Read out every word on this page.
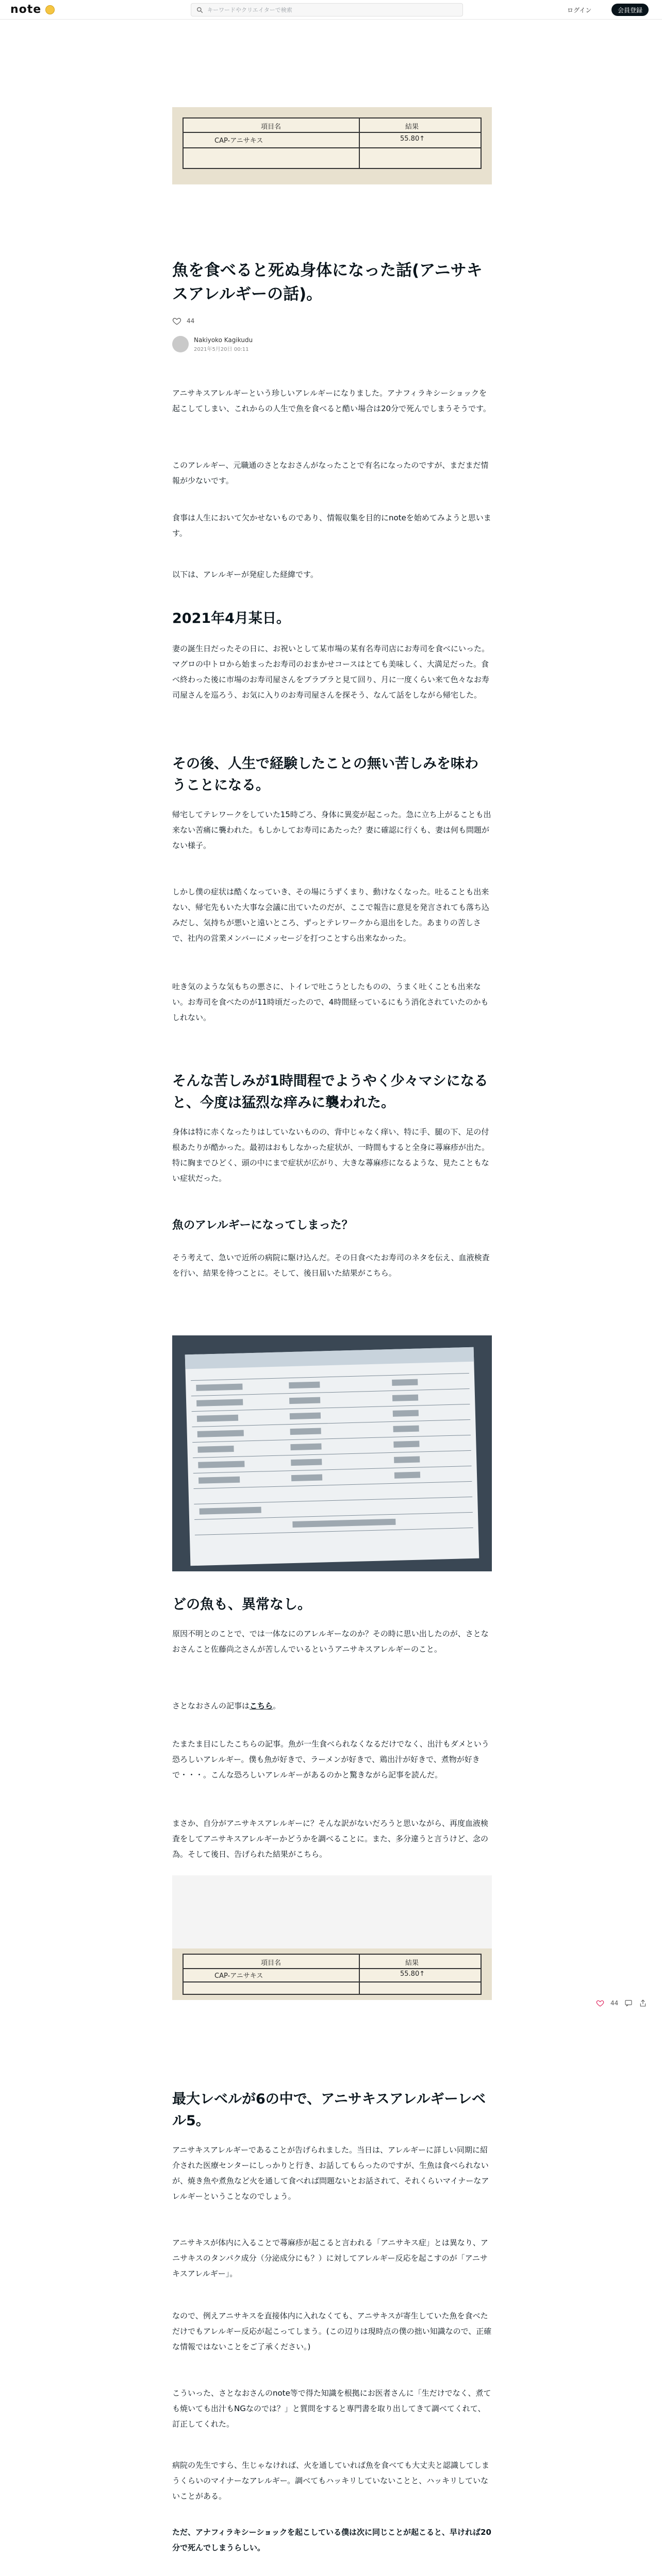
note	キーワードやクリエイターで検索	ログイン	会員登録
項目名	結果
CAP-アニサキス	55.80↑
魚を食べると死ぬ身体になった話(アニサキスアレルギーの話)。
44
Nakiyoko Kagikudu
2021年5月20日 00:11

アニサキスアレルギーという珍しいアレルギーになりました。アナフィラキシーショックを起こしてしまい、これからの人生で魚を食べると酷い場合は20分で死んでしまうそうです。

このアレルギー、元職通のさとなおさんがなったことで有名になったのですが、まだまだ情報が少ないです。

食事は人生において欠かせないものであり、情報収集を目的にnoteを始めてみようと思います。

以下は、アレルギーが発症した経緯です。

2021年4月某日。

妻の誕生日だったその日に、お祝いとして某市場の某有名寿司店にお寿司を食べにいった。マグロの中トロから始まったお寿司のおまかせコースはとても美味しく、大満足だった。食べ終わった後に市場のお寿司屋さんをブラブラと見て回り、月に一度くらい来て色々なお寿司屋さんを巡ろう、お気に入りのお寿司屋さんを探そう、なんて話をしながら帰宅した。

その後、人生で経験したことの無い苦しみを味わうことになる。

帰宅してテレワークをしていた15時ごろ、身体に異変が起こった。急に立ち上がることも出来ない苦痛に襲われた。もしかしてお寿司にあたった？妻に確認に行くも、妻は何も問題がない様子。

しかし僕の症状は酷くなっていき、その場にうずくまり、動けなくなった。吐ることも出来ない、帰宅先もいた大事な会議に出ていたのだが、ここで報告に意見を発言されても落ち込みだし、気持ちが悪いと遠いところ、ずっとテレワークから退出をした。あまりの苦しさで、社内の営業メンバーにメッセージを打つことすら出来なかった。

吐き気のような気もちの悪さに、トイレで吐こうとしたものの、うまく吐くことも出来ない。お寿司を食べたのが11時頃だったので、4時間経っているにもう消化されていたのかもしれない。

そんな苦しみが1時間程でようやく少々マシになると、今度は猛烈な痒みに襲われた。

身体は特に赤くなったりはしていないものの、背中じゃなく痒い、特に手、腿の下、足の付根あたりが酷かった。最初はおもしなかった症状が、一時間もすると全身に蕁麻疹が出た。特に胸までひどく、頭の中にまで症状が広がり、大きな蕁麻疹になるような、見たこともない症状だった。

魚のアレルギーになってしまった？

そう考えて、急いで近所の病院に駆け込んだ。その日食べたお寿司のネタを伝え、血液検査を行い、結果を待つことに。そして、後日届いた結果がこちら。

どの魚も、異常なし。

原因不明とのことで、では一体なにのアレルギーなのか？その時に思い出したのが、さとなおさんこと佐藤尚之さんが苦しんでいるというアニサキスアレルギーのこと。

さとなおさんの記事はこちら。

たまたま目にしたこちらの記事。魚が一生食べられなくなるだけでなく、出汁もダメという恐ろしいアレルギー。僕も魚が好きで、ラーメンが好きで、鶏出汁が好きで、煮物が好きで・・・。こんな恐ろしいアレルギーがあるのかと驚きながら記事を読んだ。

まさか、自分がアニサキスアレルギーに？そんな訳がないだろうと思いながら、再度血液検査をしてアニサキスアレルギーかどうかを調べることに。また、多分違うと言うけど、念の為。そして後日、告げられた結果がこちら。

項目名	結果
CAP-アニサキス	55.80↑
44
最大レベルが6の中で、アニサキスアレルギーレベル5。

アニサキスアレルギーであることが告げられました。当日は、アレルギーに詳しい同期に紹介された医療センターにしっかりと行き、お話してもらったのですが、生魚は食べられないが、焼き魚や煮魚など火を通して食べれば問題ないとお話されて、それくらいマイナーなアレルギーということなのでしょう。

アニサキスが体内に入ることで蕁麻疹が起こると言われる「アニサキス症」とは異なり、アニサキスのタンパク成分（分泌成分にも？）に対してアレルギー反応を起こすのが「アニサキスアレルギー」。

なので、例えアニサキスを直接体内に入れなくても、アニサキスが寄生していた魚を食べただけでもアレルギー反応が起こってしまう。(この辺りは現時点の僕の拙い知識なので、正確な情報ではないことをご了承ください。)

こういった、さとなおさんのnote等で得た知識を根拠にお医者さんに「生だけでなく、煮ても焼いても出汁もNGなのでは？」と質問をすると専門書を取り出してきて調べてくれて、訂正してくれた。

病院の先生ですら、生じゃなければ、火を通していれば魚を食べても大丈夫と認識してしまうくらいのマイナーなアレルギー。調べてもハッキリしていないことと、ハッキリしていないことがある。

ただ、アナフィラキシーショックを起こしている僕は次に同じことが起こると、早ければ20分で死んでしまうらしい。
